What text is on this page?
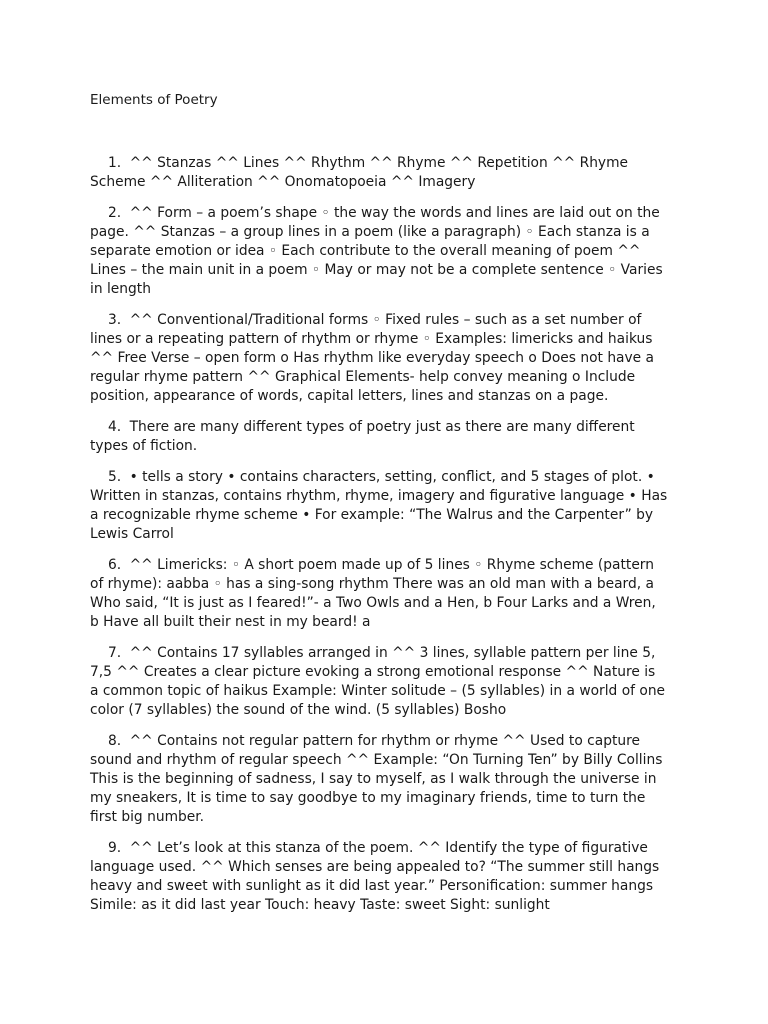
Elements of Poetry

1. ^^ Stanzas ^^ Lines ^^ Rhythm ^^ Rhyme ^^ Repetition ^^ Rhyme Scheme ^^ Alliteration ^^ Onomatopoeia ^^ Imagery

2. ^^ Form – a poem’s shape ◦ the way the words and lines are laid out on the page. ^^ Stanzas – a group lines in a poem (like a paragraph) ◦ Each stanza is a separate emotion or idea ◦ Each contribute to the overall meaning of poem ^^ Lines – the main unit in a poem ◦ May or may not be a complete sentence ◦ Varies in length

3. ^^ Conventional/Traditional forms ◦ Fixed rules – such as a set number of lines or a repeating pattern of rhythm or rhyme ◦ Examples: limericks and haikus ^^ Free Verse – open form o Has rhythm like everyday speech o Does not have a regular rhyme pattern ^^ Graphical Elements- help convey meaning o Include position, appearance of words, capital letters, lines and stanzas on a page.

4. There are many different types of poetry just as there are many different types of fiction.

5. • tells a story • contains characters, setting, conflict, and 5 stages of plot. • Written in stanzas, contains rhythm, rhyme, imagery and figurative language • Has a recognizable rhyme scheme • For example: “The Walrus and the Carpenter” by Lewis Carrol

6. ^^ Limericks: ◦ A short poem made up of 5 lines ◦ Rhyme scheme (pattern of rhyme): aabba ◦ has a sing-song rhythm There was an old man with a beard, a Who said, “It is just as I feared!”- a Two Owls and a Hen, b Four Larks and a Wren, b Have all built their nest in my beard! a

7. ^^ Contains 17 syllables arranged in ^^ 3 lines, syllable pattern per line 5, 7,5 ^^ Creates a clear picture evoking a strong emotional response ^^ Nature is a common topic of haikus Example: Winter solitude – (5 syllables) in a world of one color (7 syllables) the sound of the wind. (5 syllables) Bosho

8. ^^ Contains not regular pattern for rhythm or rhyme ^^ Used to capture sound and rhythm of regular speech ^^ Example: “On Turning Ten” by Billy Collins This is the beginning of sadness, I say to myself, as I walk through the universe in my sneakers, It is time to say goodbye to my imaginary friends, time to turn the first big number.

9. ^^ Let’s look at this stanza of the poem. ^^ Identify the type of figurative language used. ^^ Which senses are being appealed to? “The summer still hangs heavy and sweet with sunlight as it did last year.” Personification: summer hangs Simile: as it did last year Touch: heavy Taste: sweet Sight: sunlight
